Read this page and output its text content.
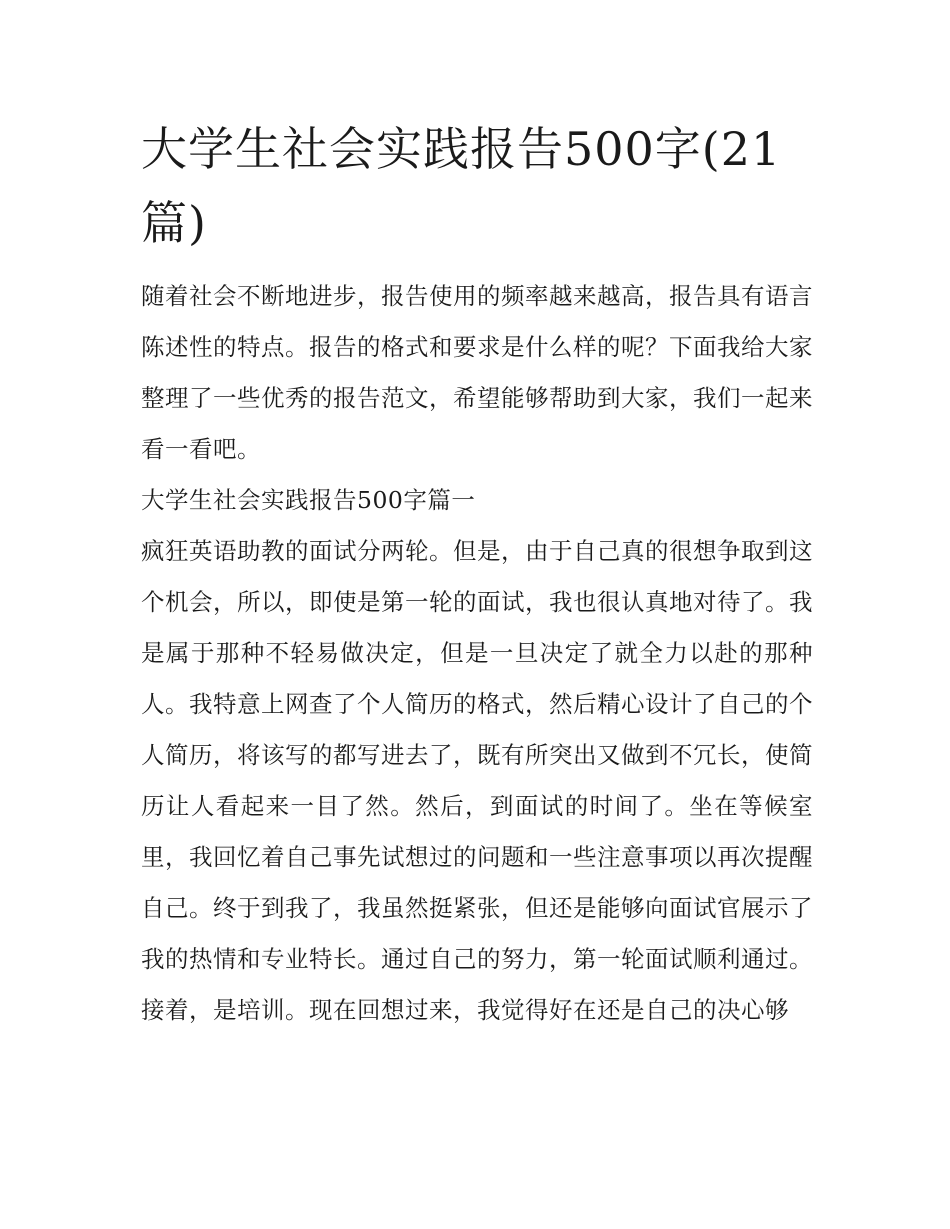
大学生社会实践报告500字(21篇)

随着社会不断地进步，报告使用的频率越来越高，报告具有语言陈述性的特点。报告的格式和要求是什么样的呢？下面我给大家整理了一些优秀的报告范文，希望能够帮助到大家，我们一起来看一看吧。

大学生社会实践报告500字篇一

疯狂英语助教的面试分两轮。但是，由于自己真的很想争取到这个机会，所以，即使是第一轮的面试，我也很认真地对待了。我是属于那种不轻易做决定，但是一旦决定了就全力以赴的那种人。我特意上网查了个人简历的格式，然后精心设计了自己的个人简历，将该写的都写进去了，既有所突出又做到不冗长，使简历让人看起来一目了然。然后，到面试的时间了。坐在等候室里，我回忆着自己事先试想过的问题和一些注意事项以再次提醒自己。终于到我了，我虽然挺紧张，但还是能够向面试官展示了我的热情和专业特长。通过自己的努力，第一轮面试顺利通过。

接着，是培训。现在回想过来，我觉得好在还是自己的决心够
